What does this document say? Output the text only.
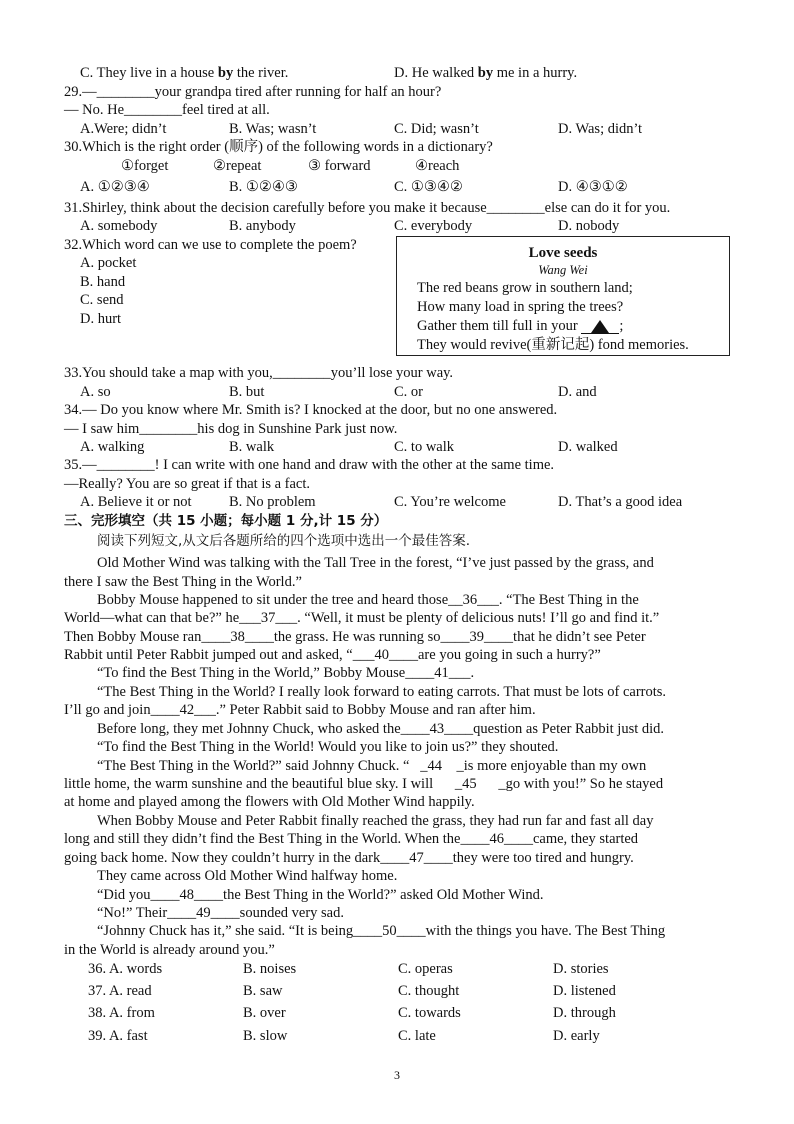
C. They live in a house by the river.	D. He walked by me in a hurry.
29.—________your grandpa tired after running for half an hour?
— No. He________feel tired at all.
A.Were; didn’t	B. Was; wasn’t	C. Did; wasn’t	D. Was; didn’t
30.Which is the right order (顺序) of the following words in a dictionary?
①forget	②repeat	③ forward	④reach
A. ①②③④	B. ①②④③	C. ①③④②	D. ④③①②
31.Shirley, think about the decision carefully before you make it because________else can do it for you.
A. somebody	B. anybody	C. everybody	D. nobody
32.Which word can we use to complete the poem?
A. pocket
B. hand
C. send
D. hurt
Love seeds
Wang Wei
The red beans grow in southern land;
How many load in spring the trees?
Gather them till full in your	;
They would revive(重新记起) fond memories.
33.You should take a map with you,________you’ll lose your way.
A. so	B. but	C. or	D. and
34.— Do you know where Mr. Smith is? I knocked at the door, but no one answered.
— I saw him________his dog in Sunshine Park just now.
A. walking	B. walk	C. to walk	D. walked
35.—________! I can write with one hand and draw with the other at the same time.
—Really? You are so great if that is a fact.
A. Believe it or not	B. No problem	C. You’re welcome	D. That’s a good idea
三、完形填空（共 15 小题；每小题 1 分,计 15 分）
阅读下列短文,从文后各题所给的四个选项中选出一个最佳答案.
Old Mother Wind was talking with the Tall Tree in the forest, “I’ve just passed by the grass, and
there I saw the Best Thing in the World.”
Bobby Mouse happened to sit under the tree and heard those__36___. “The Best Thing in the
World—what can that be?” he___37___. “Well, it must be plenty of delicious nuts! I’ll go and find it.”
Then Bobby Mouse ran____38____the grass. He was running so____39____that he didn’t see Peter
Rabbit until Peter Rabbit jumped out and asked, “___40____are you going in such a hurry?”
“To find the Best Thing in the World,” Bobby Mouse____41___.
“The Best Thing in the World? I really look forward to eating carrots. That must be lots of carrots.
I’ll go and join____42___.” Peter Rabbit said to Bobby Mouse and ran after him.
Before long, they met Johnny Chuck, who asked the____43____question as Peter Rabbit just did.
“To find the Best Thing in the World! Would you like to join us?” they shouted.
“The Best Thing in the World?” said Johnny Chuck. “   _44    _is more enjoyable than my own
little home, the warm sunshine and the beautiful blue sky. I will      _45      _go with you!” So he stayed
at home and played among the flowers with Old Mother Wind happily.
When Bobby Mouse and Peter Rabbit finally reached the grass, they had run far and fast all day
long and still they didn’t find the Best Thing in the World. When the____46____came, they started
going back home. Now they couldn’t hurry in the dark____47____they were too tired and hungry.
They came across Old Mother Wind halfway home.
“Did you____48____the Best Thing in the World?” asked Old Mother Wind.
“No!” Their____49____sounded very sad.
“Johnny Chuck has it,” she said. “It is being____50____with the things you have. The Best Thing
in the World is already around you.”
36. A. words	B. noises	C. operas	D. stories
37. A. read	B. saw	C. thought	D. listened
38. A. from	B. over	C. towards	D. through
39. A. fast	B. slow	C. late	D. early
3
